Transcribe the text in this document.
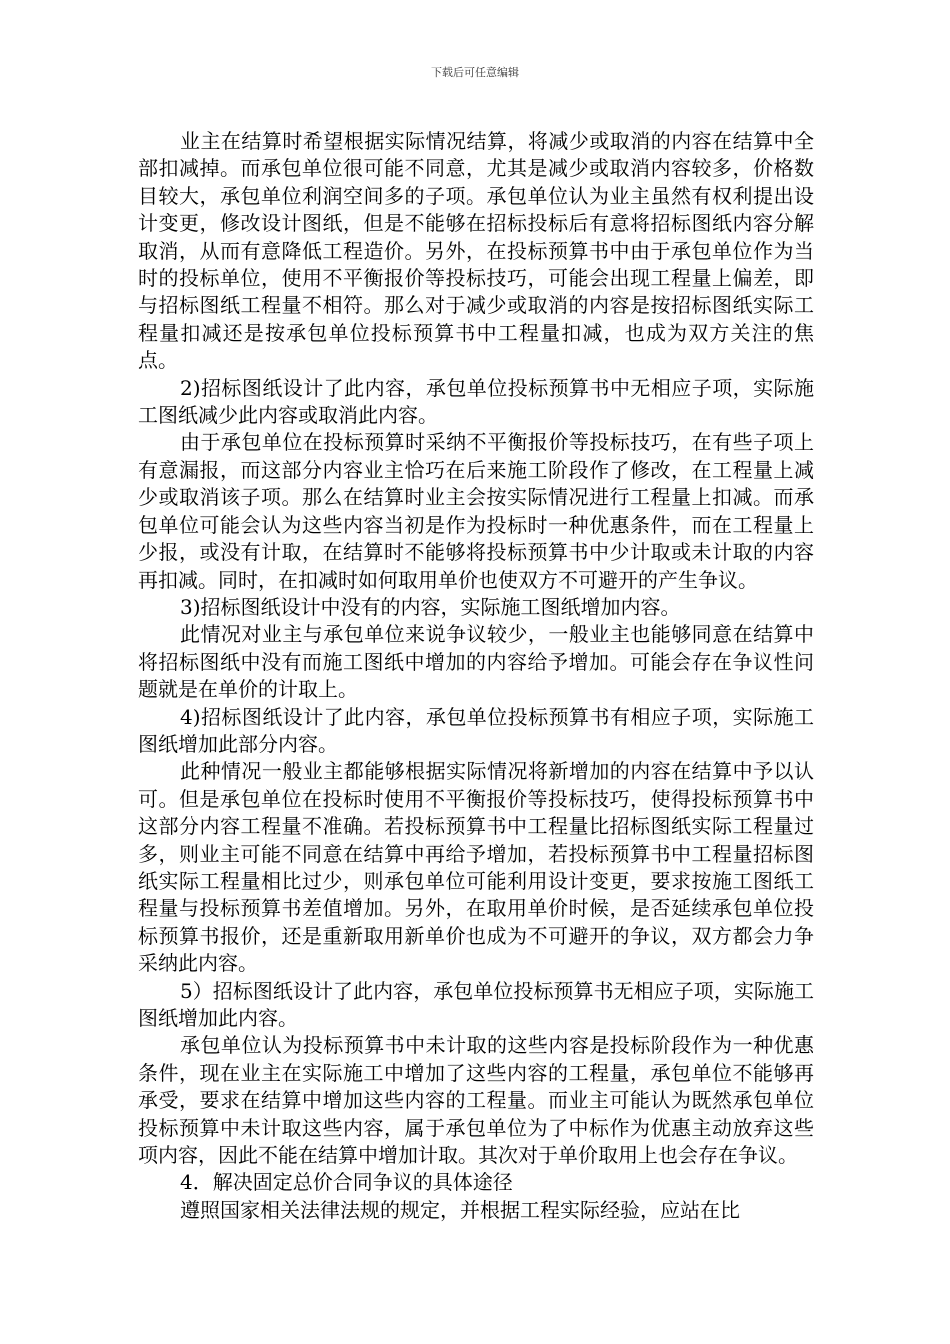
下载后可任意编辑

业主在结算时希望根据实际情况结算，将减少或取消的内容在结算中全部扣减掉。而承包单位很可能不同意，尤其是减少或取消内容较多，价格数目较大，承包单位利润空间多的子项。承包单位认为业主虽然有权利提出设计变更，修改设计图纸，但是不能够在招标投标后有意将招标图纸内容分解取消，从而有意降低工程造价。另外，在投标预算书中由于承包单位作为当时的投标单位，使用不平衡报价等投标技巧，可能会出现工程量上偏差，即与招标图纸工程量不相符。那么对于减少或取消的内容是按招标图纸实际工程量扣减还是按承包单位投标预算书中工程量扣减，也成为双方关注的焦点。

2)招标图纸设计了此内容，承包单位投标预算书中无相应子项，实际施工图纸减少此内容或取消此内容。

由于承包单位在投标预算时采纳不平衡报价等投标技巧，在有些子项上有意漏报，而这部分内容业主恰巧在后来施工阶段作了修改，在工程量上减少或取消该子项。那么在结算时业主会按实际情况进行工程量上扣减。而承包单位可能会认为这些内容当初是作为投标时一种优惠条件，而在工程量上少报，或没有计取，在结算时不能够将投标预算书中少计取或未计取的内容再扣减。同时，在扣减时如何取用单价也使双方不可避开的产生争议。

3)招标图纸设计中没有的内容，实际施工图纸增加内容。

此情况对业主与承包单位来说争议较少，一般业主也能够同意在结算中将招标图纸中没有而施工图纸中增加的内容给予增加。可能会存在争议性问题就是在单价的计取上。

4)招标图纸设计了此内容，承包单位投标预算书有相应子项，实际施工图纸增加此部分内容。

此种情况一般业主都能够根据实际情况将新增加的内容在结算中予以认可。但是承包单位在投标时使用不平衡报价等投标技巧，使得投标预算书中这部分内容工程量不准确。若投标预算书中工程量比招标图纸实际工程量过多，则业主可能不同意在结算中再给予增加，若投标预算书中工程量招标图纸实际工程量相比过少，则承包单位可能利用设计变更，要求按施工图纸工程量与投标预算书差值增加。另外，在取用单价时候，是否延续承包单位投标预算书报价，还是重新取用新单价也成为不可避开的争议，双方都会力争采纳此内容。

5）招标图纸设计了此内容，承包单位投标预算书无相应子项，实际施工图纸增加此内容。

承包单位认为投标预算书中未计取的这些内容是投标阶段作为一种优惠条件，现在业主在实际施工中增加了这些内容的工程量，承包单位不能够再承受，要求在结算中增加这些内容的工程量。而业主可能认为既然承包单位投标预算中未计取这些内容，属于承包单位为了中标作为优惠主动放弃这些项内容，因此不能在结算中增加计取。其次对于单价取用上也会存在争议。

4．解决固定总价合同争议的具体途径

遵照国家相关法律法规的规定，并根据工程实际经验，应站在比
